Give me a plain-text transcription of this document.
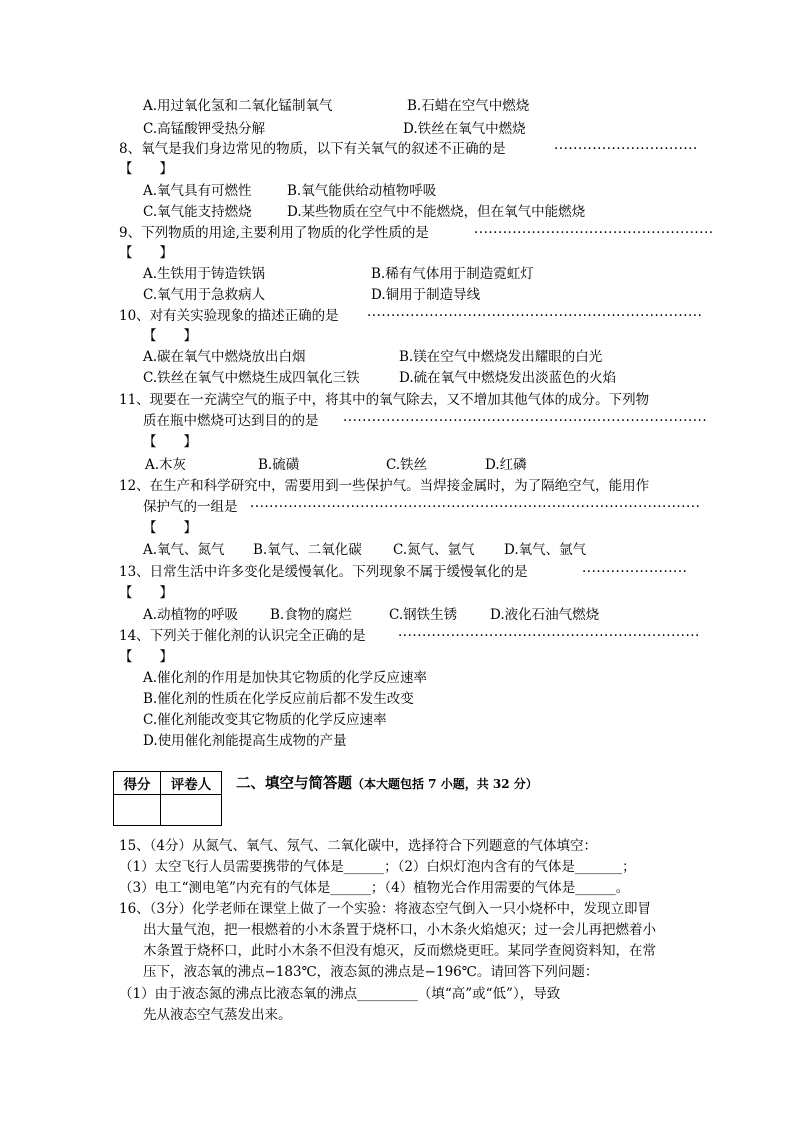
A.用过氧化氢和二氧化锰制氧气	B.石蜡在空气中燃烧
C.高锰酸钾受热分解	D.铁丝在氧气中燃烧
8、氧气是我们身边常见的物质，以下有关氧气的叙述不正确的是	······························
【　　】
A.氧气具有可燃性	B.氧气能供给动植物呼吸
C.氧气能支持燃烧	D.某些物质在空气中不能燃烧，但在氧气中能燃烧
9、下列物质的用途,主要利用了物质的化学性质的是	··················································
【　　】
A.生铁用于铸造铁锅	B.稀有气体用于制造霓虹灯
C.氧气用于急救病人	D.铜用于制造导线
10、对有关实验现象的描述正确的是 ······································································
【　　】
A.碳在氧气中燃烧放出白烟	B.镁在空气中燃烧发出耀眼的白光
C.铁丝在氧气中燃烧生成四氧化三铁	D.硫在氧气中燃烧发出淡蓝色的火焰
11、现要在一充满空气的瓶子中，将其中的氧气除去，又不增加其他气体的成分。下列物
质在瓶中燃烧可达到目的的是 ············································································
【　　】
A.木灰	B.硫磺	C.铁丝	D.红磷
12、在生产和科学研究中，需要用到一些保护气。当焊接金属时，为了隔绝空气，能用作
保护气的一组是 ······························································································
【　　】
A.氧气、氮气 B.氧气、二氧化碳 C.氮气、氩气 D.氧气、氩气
13、日常生活中许多变化是缓慢氧化。下列现象不属于缓慢氧化的是	······················
【　　】
A.动植物的呼吸 B.食物的腐烂	C.钢铁生锈 D.液化石油气燃烧
14、下列关于催化剂的认识完全正确的是 ·······························································
【　　】
A.催化剂的作用是加快其它物质的化学反应速率
B.催化剂的性质在化学反应前后都不发生改变
C.催化剂能改变其它物质的化学反应速率
D.使用催化剂能提高生成物的产量
得分	评卷人
	二、填空与简答题（本大题包括 7 小题，共 32 分）
15、（4分）从氮气、氧气、氖气、二氧化碳中，选择符合下列题意的气体填空：
（1）太空飞行人员需要携带的气体是______；（2）白炽灯泡内含有的气体是_______；
（3）电工“测电笔”内充有的气体是______；（4）植物光合作用需要的气体是______。
16、（3分）化学老师在课堂上做了一个实验：将液态空气倒入一只小烧杯中，发现立即冒
出大量气泡，把一根燃着的小木条置于烧杯口，小木条火焰熄灭；过一会儿再把燃着小
木条置于烧杯口，此时小木条不但没有熄灭，反而燃烧更旺。某同学查阅资料知，在常
压下，液态氧的沸点−183℃，液态氮的沸点是−196℃。请回答下列问题：
（1）由于液态氮的沸点比液态氧的沸点_________（填“高”或“低”），导致
先从液态空气蒸发出来。
